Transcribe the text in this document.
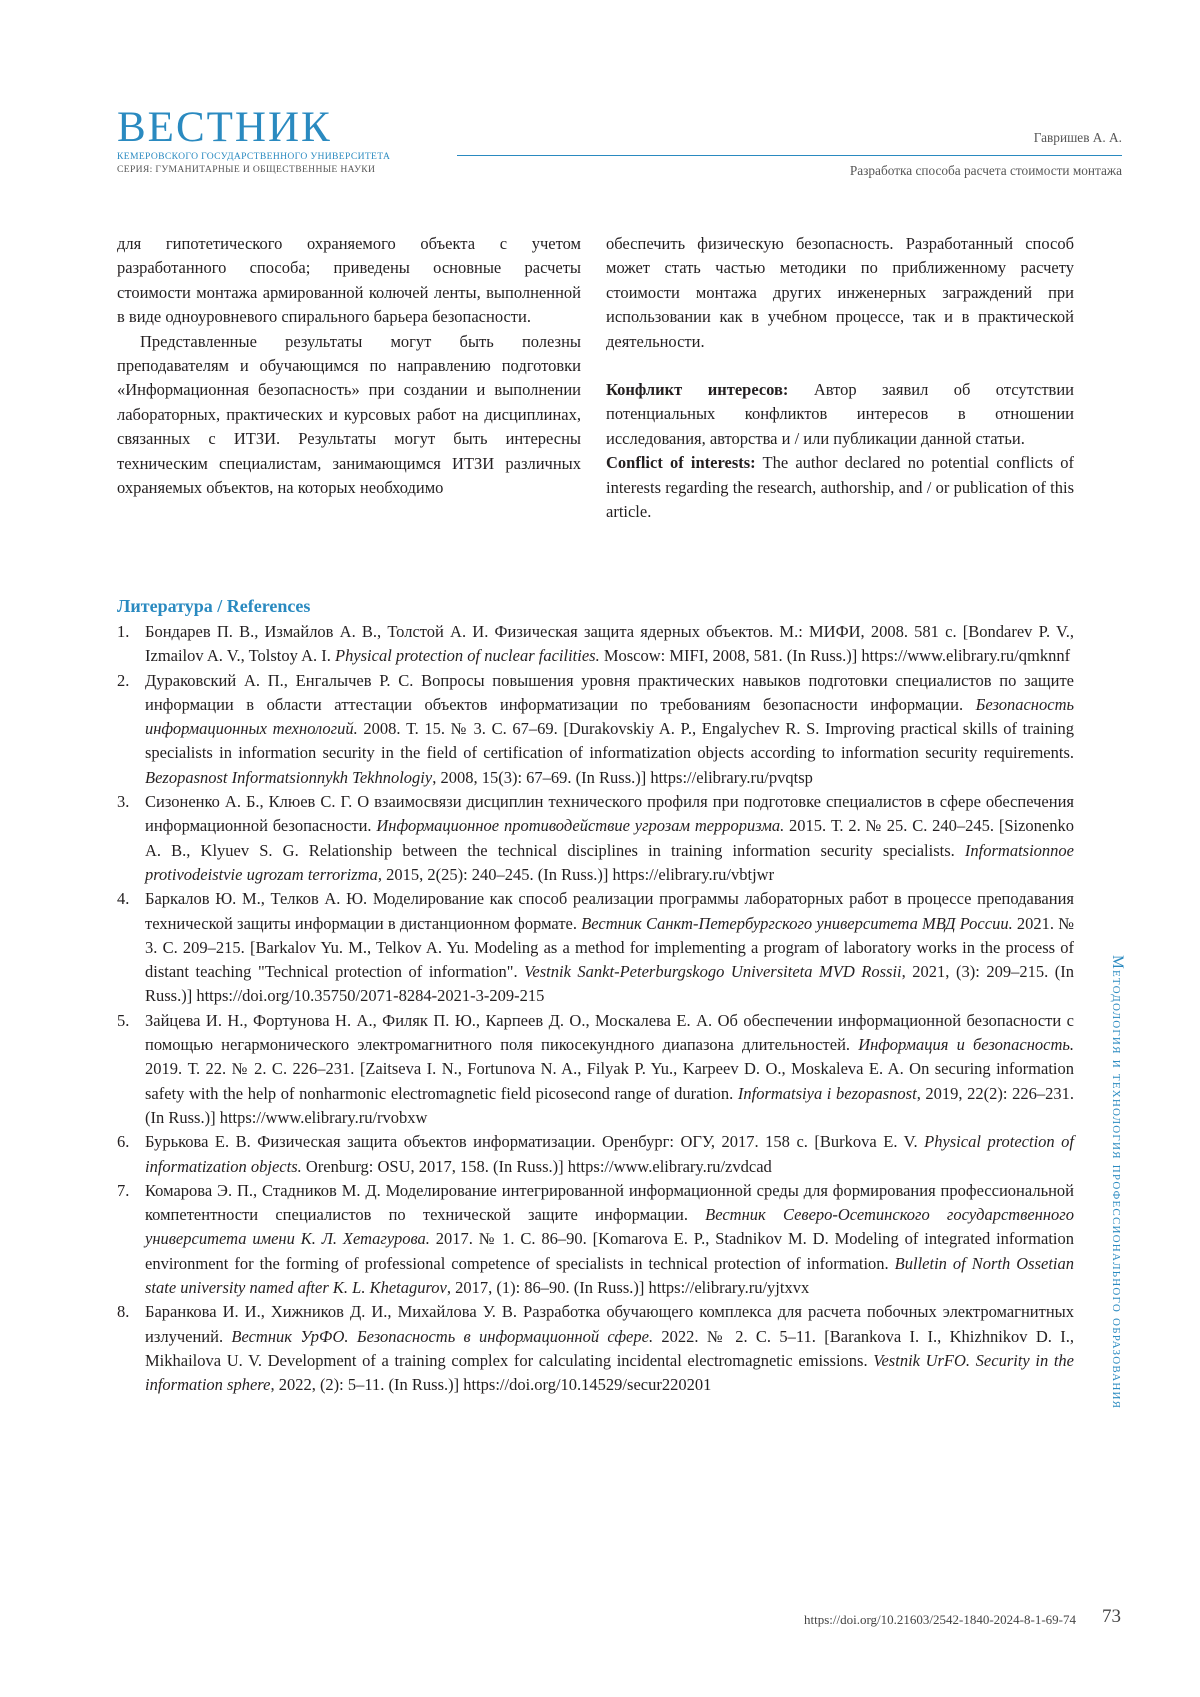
ВЕСТНИК
КЕМЕРОВСКОГО ГОСУДАРСТВЕННОГО УНИВЕРСИТЕТА
СЕРИЯ: ГУМАНИТАРНЫЕ И ОБЩЕСТВЕННЫЕ НАУКИ
Гавришев А. А.
Разработка способа расчета стоимости монтажа

для гипотетического охраняемого объекта с учетом разработанного способа; приведены основные расчеты стоимости монтажа армированной колючей ленты, выполненной в виде одноуровневого спирального барьера безопасности.

Представленные результаты могут быть полезны преподавателям и обучающимся по направлению подготовки «Информационная безопасность» при создании и выполнении лабораторных, практических и курсовых работ на дисциплинах, связанных с ИТЗИ. Результаты могут быть интересны техническим специалистам, занимающимся ИТЗИ различных охраняемых объектов, на которых необходимо

обеспечить физическую безопасность. Разработанный способ может стать частью методики по приближенному расчету стоимости монтажа других инженерных заграждений при использовании как в учебном процессе, так и в практической деятельности.

Конфликт интересов: Автор заявил об отсутствии потенциальных конфликтов интересов в отношении исследования, авторства и / или публикации данной статьи.

Conflict of interests: The author declared no potential conflicts of interests regarding the research, authorship, and / or publication of this article.

Литература / References
1. Бондарев П. В., Измайлов А. В., Толстой А. И. Физическая защита ядерных объектов. М.: МИФИ, 2008. 581 с. [Bondarev P. V., Izmailov A. V., Tolstoy A. I. Physical protection of nuclear facilities. Moscow: MIFI, 2008, 581. (In Russ.)] https://www.elibrary.ru/qmknnf
2. Дураковский А. П., Енгалычев Р. С. Вопросы повышения уровня практических навыков подготовки специалистов по защите информации в области аттестации объектов информатизации по требованиям безопасности информации. Безопасность информационных технологий. 2008. Т. 15. № 3. С. 67–69. [Durakovskiy A. P., Engalychev R. S. Improving practical skills of training specialists in information security in the field of certification of informatization objects according to information security requirements. Bezopasnost Informatsionnykh Tekhnologiy, 2008, 15(3): 67–69. (In Russ.)] https://elibrary.ru/pvqtsp
3. Сизоненко А. Б., Клюев С. Г. О взаимосвязи дисциплин технического профиля при подготовке специалистов в сфере обеспечения информационной безопасности. Информационное противодействие угрозам терроризма. 2015. Т. 2. № 25. С. 240–245. [Sizonenko A. B., Klyuev S. G. Relationship between the technical disciplines in training information security specialists. Informatsionnoe protivodeistvie ugrozam terrorizma, 2015, 2(25): 240–245. (In Russ.)] https://elibrary.ru/vbtjwr
4. Баркалов Ю. М., Телков А. Ю. Моделирование как способ реализации программы лабораторных работ в процессе преподавания технической защиты информации в дистанционном формате. Вестник Санкт-Петербургского университета МВД России. 2021. № 3. С. 209–215. [Barkalov Yu. M., Telkov A. Yu. Modeling as a method for implementing a program of laboratory works in the process of distant teaching "Technical protection of information". Vestnik Sankt-Peterburgskogo Universiteta MVD Rossii, 2021, (3): 209–215. (In Russ.)] https://doi.org/10.35750/2071-8284-2021-3-209-215
5. Зайцева И. Н., Фортунова Н. А., Филяк П. Ю., Карпеев Д. О., Москалева Е. А. Об обеспечении информационной безопасности с помощью негармонического электромагнитного поля пикосекундного диапазона длительностей. Информация и безопасность. 2019. Т. 22. № 2. С. 226–231. [Zaitseva I. N., Fortunova N. A., Filyak P. Yu., Karpeev D. O., Moskaleva E. A. On securing information safety with the help of nonharmonic electromagnetic field picosecond range of duration. Informatsiya i bezopasnost, 2019, 22(2): 226–231. (In Russ.)] https://www.elibrary.ru/rvobxw
6. Бурькова Е. В. Физическая защита объектов информатизации. Оренбург: ОГУ, 2017. 158 с. [Burkova E. V. Physical protection of informatization objects. Orenburg: OSU, 2017, 158. (In Russ.)] https://www.elibrary.ru/zvdcad
7. Комарова Э. П., Стадников М. Д. Моделирование интегрированной информационной среды для формирования профессиональной компетентности специалистов по технической защите информации. Вестник Северо-Осетинского государственного университета имени К. Л. Хетагурова. 2017. № 1. С. 86–90. [Komarova E. P., Stadnikov M. D. Modeling of integrated information environment for the forming of professional competence of specialists in technical protection of information. Bulletin of North Ossetian state university named after K. L. Khetagurov, 2017, (1): 86–90. (In Russ.)] https://elibrary.ru/yjtxvx
8. Баранкова И. И., Хижников Д. И., Михайлова У. В. Разработка обучающего комплекса для расчета побочных электромагнитных излучений. Вестник УрФО. Безопасность в информационной сфере. 2022. № 2. С. 5–11. [Barankova I. I., Khizhnikov D. I., Mikhailova U. V. Development of a training complex for calculating incidental electromagnetic emissions. Vestnik UrFO. Security in the information sphere, 2022, (2): 5–11. (In Russ.)] https://doi.org/10.14529/secur220201	Методология и технология профессионального образования
https://doi.org/10.21603/2542-1840-2024-8-1-69-74 73
